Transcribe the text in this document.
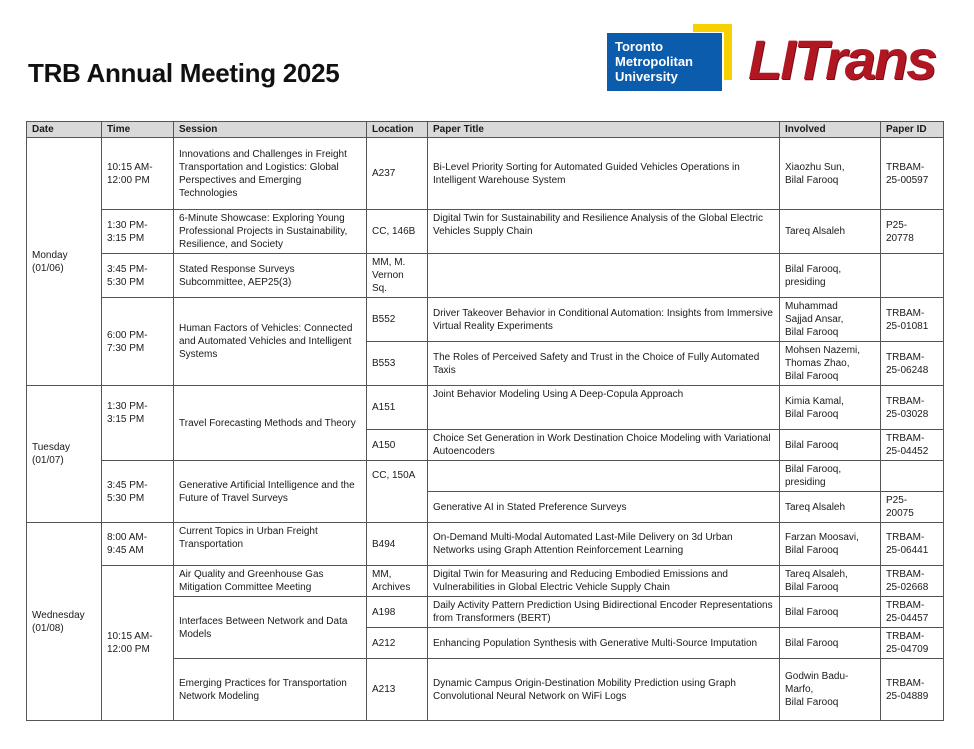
TRB Annual Meeting 2025
Toronto
Metropolitan
University	LITrans
Date	Time	Session	Location	Paper Title	Involved	Paper ID
Monday
(01/06)	10:15 AM-
12:00 PM	Innovations and Challenges in Freight Transportation and Logistics: Global Perspectives and Emerging Technologies	A237	Bi-Level Priority Sorting for Automated Guided Vehicles Operations in Intelligent Warehouse System	Xiaozhu Sun,
Bilal Farooq	TRBAM-
25-00597
	1:30 PM-
3:15 PM	6-Minute Showcase: Exploring Young Professional Projects in Sustainability, Resilience, and Society	CC, 146B	Digital Twin for Sustainability and Resilience Analysis of the Global Electric Vehicles Supply Chain	Tareq Alsaleh	P25-
20778
	3:45 PM-
5:30 PM	Stated Response Surveys Subcommittee, AEP25(3)	MM, M.
Vernon
Sq.		Bilal Farooq,
presiding	
	6:00 PM-
7:30 PM	Human Factors of Vehicles: Connected and Automated Vehicles and Intelligent Systems	B552	Driver Takeover Behavior in Conditional Automation: Insights from Immersive Virtual Reality Experiments	Muhammad
Sajjad Ansar,
Bilal Farooq	TRBAM-
25-01081
			B553	The Roles of Perceived Safety and Trust in the Choice of Fully Automated Taxis	Mohsen Nazemi,
Thomas Zhao,
Bilal Farooq	TRBAM-
25-06248
Tuesday
(01/07)	1:30 PM-
3:15 PM	Travel Forecasting Methods and Theory	A151	Joint Behavior Modeling Using A Deep-Copula Approach	Kimia Kamal,
Bilal Farooq	TRBAM-
25-03028
			A150	Choice Set Generation in Work Destination Choice Modeling with Variational Autoencoders	Bilal Farooq	TRBAM-
25-04452
	3:45 PM-
5:30 PM	Generative Artificial Intelligence and the Future of Travel Surveys	CC, 150A		Bilal Farooq,
presiding	
				Generative AI in Stated Preference Surveys	Tareq Alsaleh	P25-
20075
Wednesday
(01/08)	8:00 AM-
9:45 AM	Current Topics in Urban Freight Transportation	B494	On-Demand Multi-Modal Automated Last-Mile Delivery on 3d Urban Networks using Graph Attention Reinforcement Learning	Farzan Moosavi,
Bilal Farooq	TRBAM-
25-06441
	10:15 AM-
12:00 PM	Air Quality and Greenhouse Gas Mitigation Committee Meeting	MM,
Archives	Digital Twin for Measuring and Reducing Embodied Emissions and Vulnerabilities in Global Electric Vehicle Supply Chain	Tareq Alsaleh,
Bilal Farooq	TRBAM-
25-02668
		Interfaces Between Network and Data Models	A198	Daily Activity Pattern Prediction Using Bidirectional Encoder Representations from Transformers (BERT)	Bilal Farooq	TRBAM-
25-04457
			A212	Enhancing Population Synthesis with Generative Multi-Source Imputation	Bilal Farooq	TRBAM-
25-04709
		Emerging Practices for Transportation Network Modeling	A213	Dynamic Campus Origin-Destination Mobility Prediction using Graph Convolutional Neural Network on WiFi Logs	Godwin Badu-
Marfo,
Bilal Farooq	TRBAM-
25-04889
